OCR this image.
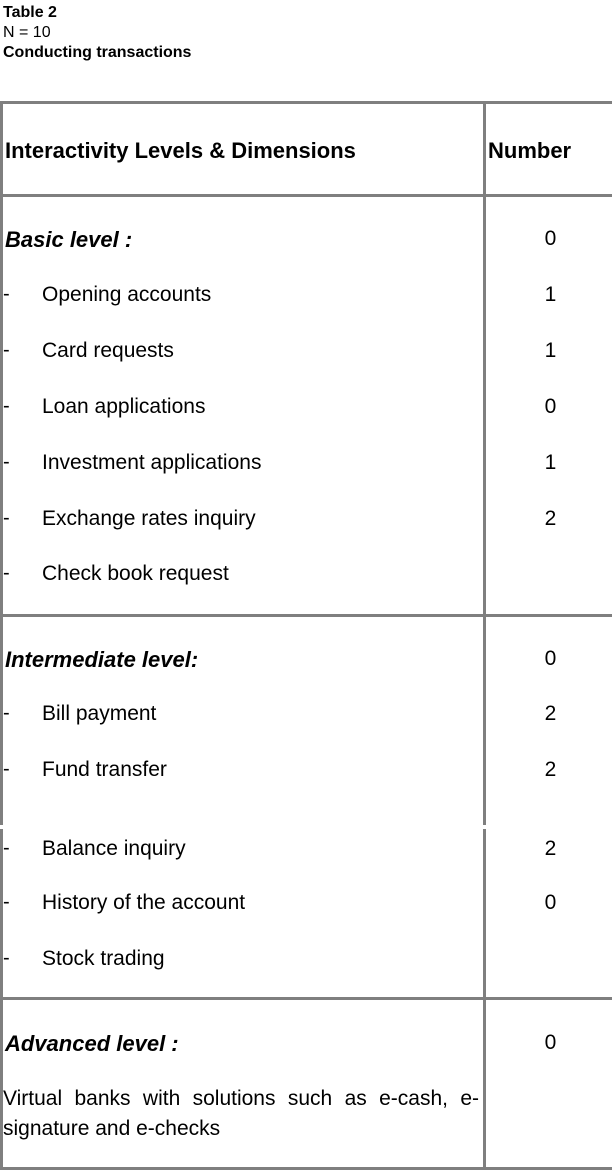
Table 2
N = 10
Conducting transactions
Interactivity Levels & Dimensions	Number
Basic level :	0
- Opening accounts	1
- Card requests	1
- Loan applications	0
- Investment applications	1
- Exchange rates inquiry	2
- Check book request
Intermediate level:	0
- Bill payment	2
- Fund transfer	2
- Balance inquiry	2
- History of the account	0
- Stock trading
Advanced level :	0
Virtual banks with solutions such as e-cash, e-signature and e-checks
